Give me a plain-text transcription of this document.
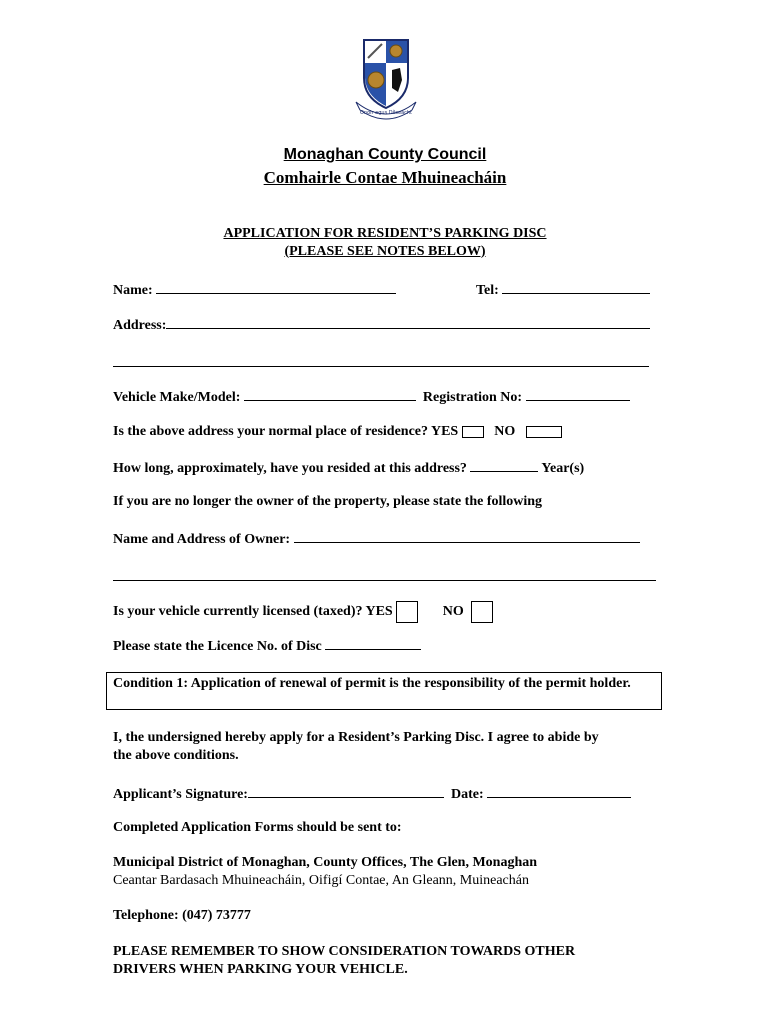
Onóir agus Dílseacht
Monaghan County Council
Comhairle Contae Mhuineacháin
APPLICATION FOR RESIDENT’S PARKING DISC
(PLEASE SEE NOTES BELOW)
Name:	Tel:
Address:
Vehicle Make/Model:	Registration No:
Is the above address your normal place of residence? YES	NO
How long, approximately, have you resided at this address?	Year(s)
If you are no longer the owner of the property, please state the following
Name and Address of Owner:
Is your vehicle currently licensed (taxed)? YES	NO
Please state the Licence No. of Disc
Condition 1: Application of renewal of permit is the responsibility of the permit holder.
I, the undersigned hereby apply for a Resident’s Parking Disc. I agree to abide by
the above conditions.
Applicant’s Signature:	Date:
Completed Application Forms should be sent to:
Municipal District of Monaghan, County Offices, The Glen, Monaghan
Ceantar Bardasach Mhuineacháin, Oifigí Contae, An Gleann, Muineachán
Telephone: (047) 73777
PLEASE REMEMBER TO SHOW CONSIDERATION TOWARDS OTHER
DRIVERS WHEN PARKING YOUR VEHICLE.
